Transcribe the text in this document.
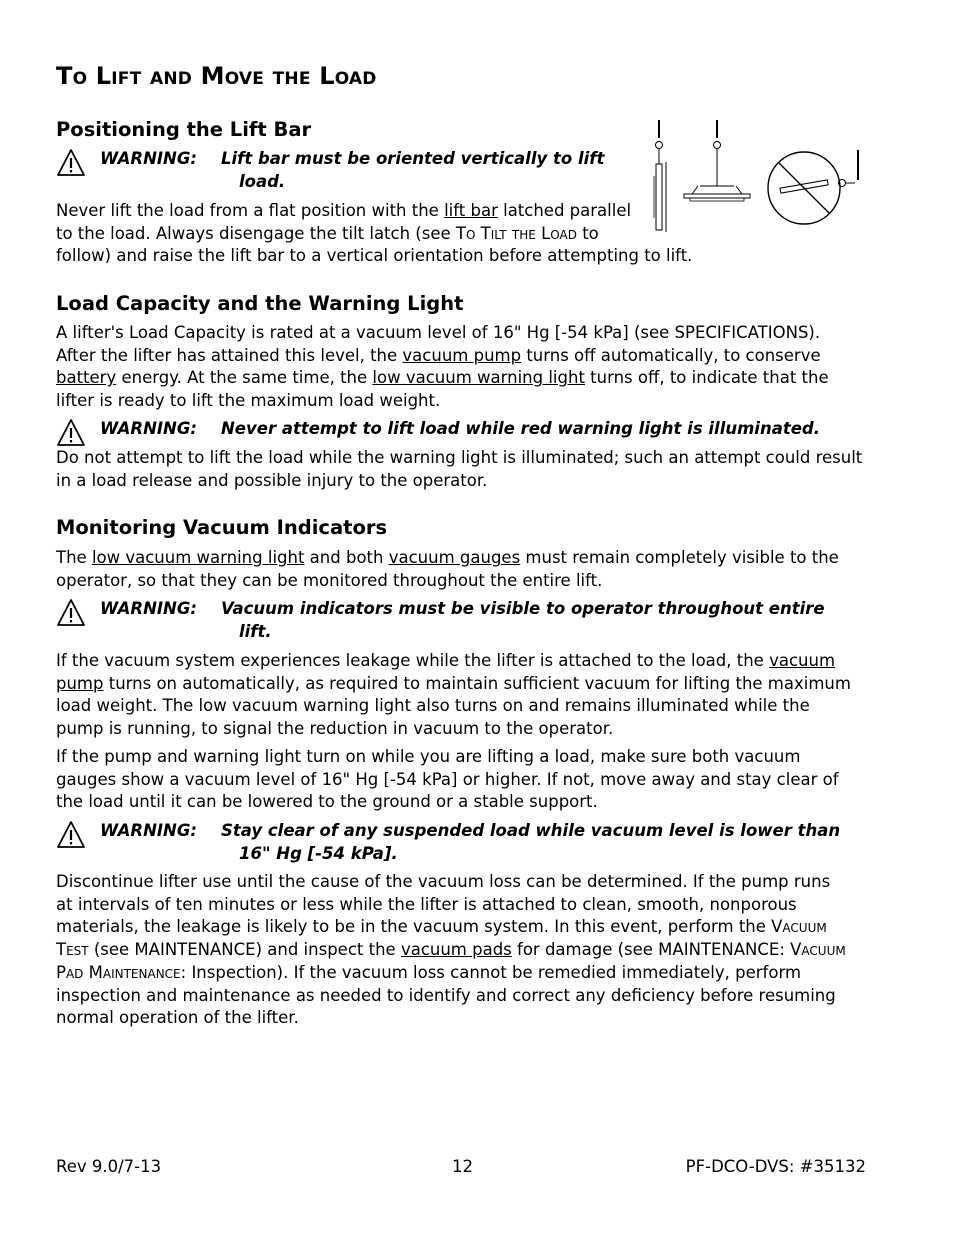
To Lift and Move the Load
Positioning the Lift Bar
WARNING: Lift bar must be oriented vertically to lift
load.

Never lift the load from a flat position with the lift bar latched parallel
to the load. Always disengage the tilt latch (see To Tilt the Load to
follow) and raise the lift bar to a vertical orientation before attempting to lift.

Load Capacity and the Warning Light

A lifter's Load Capacity is rated at a vacuum level of 16" Hg [-54 kPa] (see SPECIFICATIONS).
After the lifter has attained this level, the vacuum pump turns off automatically, to conserve
battery energy. At the same time, the low vacuum warning light turns off, to indicate that the
lifter is ready to lift the maximum load weight.

WARNING: Never attempt to lift load while red warning light is illuminated.

Do not attempt to lift the load while the warning light is illuminated; such an attempt could result
in a load release and possible injury to the operator.

Monitoring Vacuum Indicators

The low vacuum warning light and both vacuum gauges must remain completely visible to the
operator, so that they can be monitored throughout the entire lift.

WARNING: Vacuum indicators must be visible to operator throughout entire
lift.

If the vacuum system experiences leakage while the lifter is attached to the load, the vacuum
pump turns on automatically, as required to maintain sufficient vacuum for lifting the maximum
load weight. The low vacuum warning light also turns on and remains illuminated while the
pump is running, to signal the reduction in vacuum to the operator.

If the pump and warning light turn on while you are lifting a load, make sure both vacuum
gauges show a vacuum level of 16" Hg [-54 kPa] or higher. If not, move away and stay clear of
the load until it can be lowered to the ground or a stable support.

WARNING: Stay clear of any suspended load while vacuum level is lower than
16" Hg [-54 kPa].

Discontinue lifter use until the cause of the vacuum loss can be determined. If the pump runs
at intervals of ten minutes or less while the lifter is attached to clean, smooth, nonporous
materials, the leakage is likely to be in the vacuum system. In this event, perform the Vacuum
Test (see MAINTENANCE) and inspect the vacuum pads for damage (see MAINTENANCE: Vacuum
Pad Maintenance: Inspection). If the vacuum loss cannot be remedied immediately, perform
inspection and maintenance as needed to identify and correct any deficiency before resuming
normal operation of the lifter.

Rev 9.0/7-13	12	PF-DCO-DVS: #35132
